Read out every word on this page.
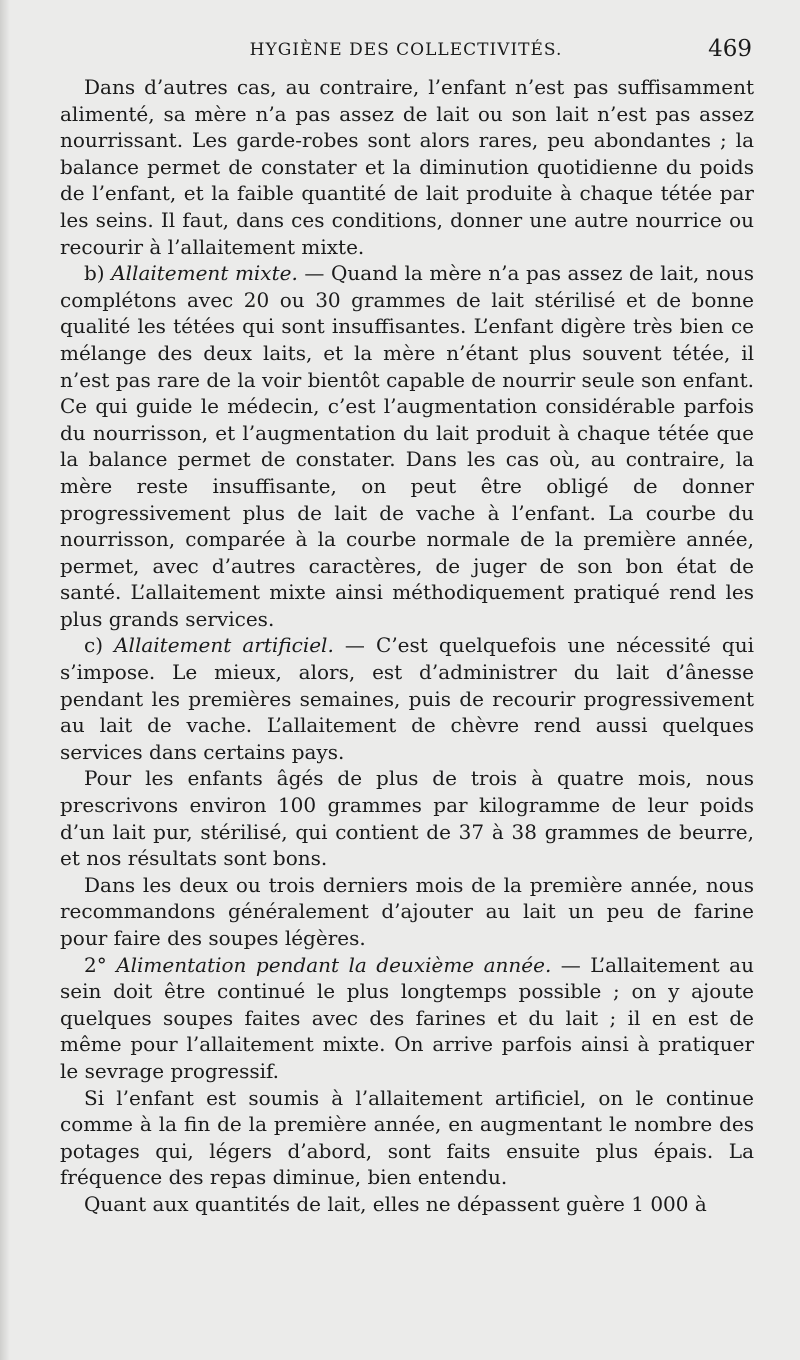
HYGIÈNE DES COLLECTIVITÉS.	469

Dans d’autres cas, au contraire, l’enfant n’est pas suffisamment alimenté, sa mère n’a pas assez de lait ou son lait n’est pas assez nourrissant. Les garde-robes sont alors rares, peu abondantes ; la balance permet de constater et la diminution quotidienne du poids de l’enfant, et la faible quantité de lait produite à chaque tétée par les seins. Il faut, dans ces conditions, donner une autre nourrice ou recourir à l’allaitement mixte.

b) Allaitement mixte. — Quand la mère n’a pas assez de lait, nous complétons avec 20 ou 30 grammes de lait stérilisé et de bonne qualité les tétées qui sont insuffisantes. L’enfant digère très bien ce mélange des deux laits, et la mère n’étant plus souvent tétée, il n’est pas rare de la voir bientôt capable de nourrir seule son enfant. Ce qui guide le médecin, c’est l’augmentation considérable parfois du nourrisson, et l’augmentation du lait produit à chaque tétée que la balance permet de constater. Dans les cas où, au contraire, la mère reste insuffisante, on peut être obligé de donner progressivement plus de lait de vache à l’enfant. La courbe du nourrisson, comparée à la courbe normale de la première année, permet, avec d’autres caractères, de juger de son bon état de santé. L’allaitement mixte ainsi méthodiquement pratiqué rend les plus grands services.

c) Allaitement artificiel. — C’est quelquefois une nécessité qui s’impose. Le mieux, alors, est d’administrer du lait d’ânesse pendant les premières semaines, puis de recourir progressivement au lait de vache. L’allaitement de chèvre rend aussi quelques services dans certains pays.

Pour les enfants âgés de plus de trois à quatre mois, nous prescrivons environ 100 grammes par kilogramme de leur poids d’un lait pur, stérilisé, qui contient de 37 à 38 grammes de beurre, et nos résultats sont bons.

Dans les deux ou trois derniers mois de la première année, nous recommandons généralement d’ajouter au lait un peu de farine pour faire des soupes légères.

2° Alimentation pendant la deuxième année. — L’allaitement au sein doit être continué le plus longtemps possible ; on y ajoute quelques soupes faites avec des farines et du lait ; il en est de même pour l’allaitement mixte. On arrive parfois ainsi à pratiquer le sevrage progressif.

Si l’enfant est soumis à l’allaitement artificiel, on le continue comme à la fin de la première année, en augmentant le nombre des potages qui, légers d’abord, sont faits ensuite plus épais. La fréquence des repas diminue, bien entendu.

Quant aux quantités de lait, elles ne dépassent guère 1 000 à
